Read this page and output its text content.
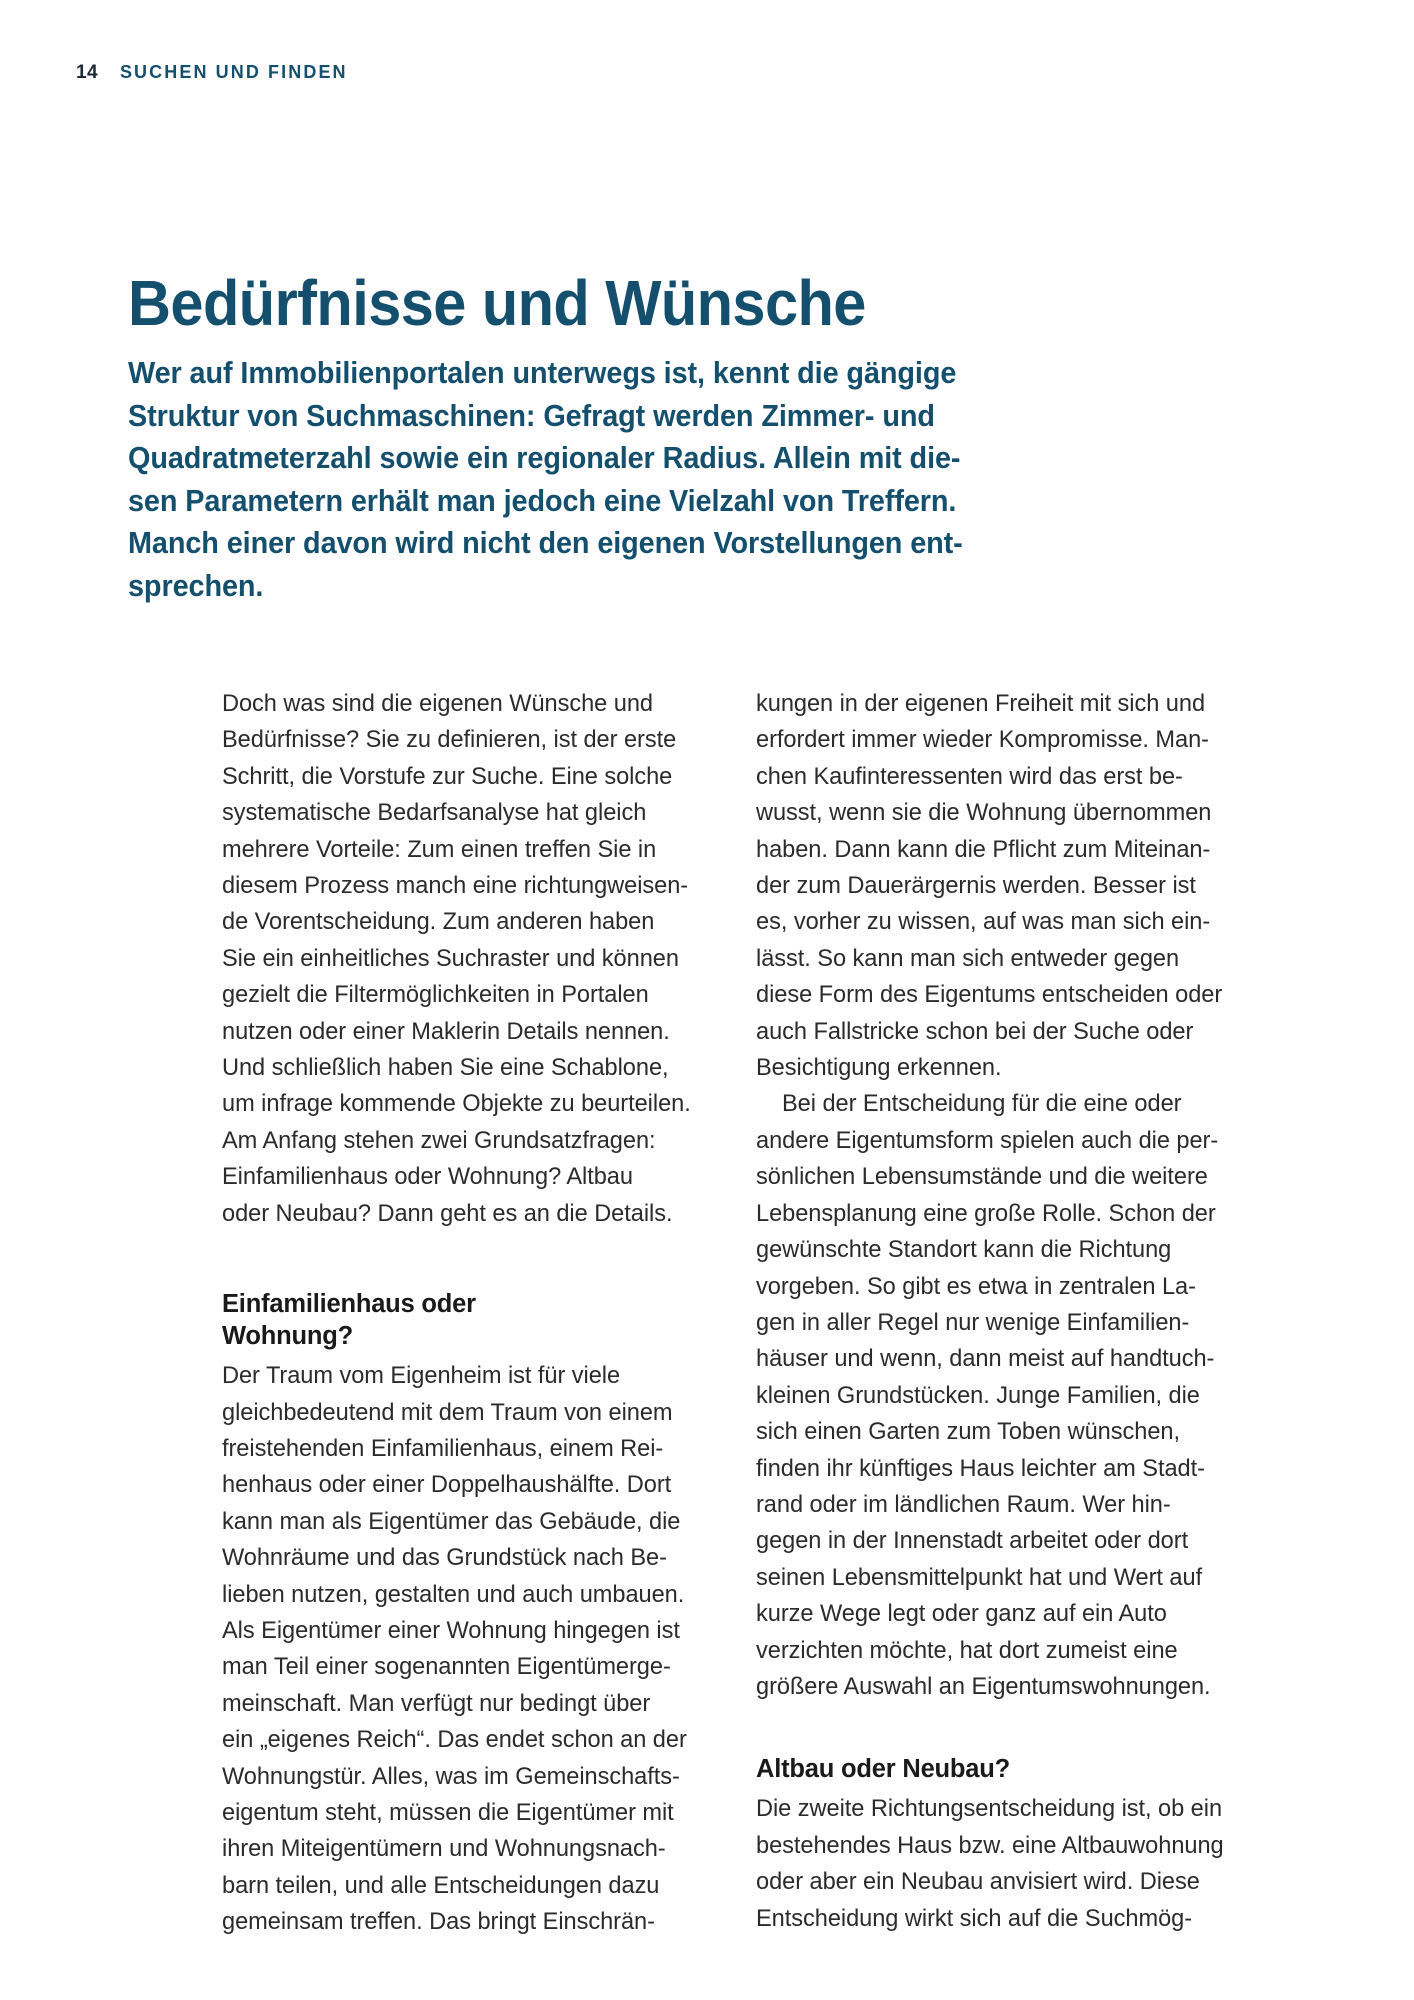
14 SUCHEN UND FINDEN
Bedürfnisse und Wünsche
Wer auf Immobilienportalen unterwegs ist, kennt die gängige
Struktur von Suchmaschinen: Gefragt werden Zimmer- und
Quadratmeterzahl sowie ein regionaler Radius. Allein mit die-
sen Parametern erhält man jedoch eine Vielzahl von Treffern.
Manch einer davon wird nicht den eigenen Vorstellungen ent-
sprechen.

Doch was sind die eigenen Wünsche und
Bedürfnisse? Sie zu definieren, ist der erste
Schritt, die Vorstufe zur Suche. Eine solche
systematische Bedarfsanalyse hat gleich
mehrere Vorteile: Zum einen treffen Sie in
diesem Prozess manch eine richtungweisen-
de Vorentscheidung. Zum anderen haben
Sie ein einheitliches Suchraster und können
gezielt die Filtermöglichkeiten in Portalen
nutzen oder einer Maklerin Details nennen.
Und schließlich haben Sie eine Schablone,
um infrage kommende Objekte zu beurteilen.
Am Anfang stehen zwei Grundsatzfragen:
Einfamilienhaus oder Wohnung? Altbau
oder Neubau? Dann geht es an die Details.

Einfamilienhaus oder
Wohnung?

Der Traum vom Eigenheim ist für viele
gleichbedeutend mit dem Traum von einem
freistehenden Einfamilienhaus, einem Rei-
henhaus oder einer Doppelhaushälfte. Dort
kann man als Eigentümer das Gebäude, die
Wohnräume und das Grundstück nach Be-
lieben nutzen, gestalten und auch umbauen.
Als Eigentümer einer Wohnung hingegen ist
man Teil einer sogenannten Eigentümerge-
meinschaft. Man verfügt nur bedingt über
ein „eigenes Reich“. Das endet schon an der
Wohnungstür. Alles, was im Gemeinschafts-
eigentum steht, müssen die Eigentümer mit
ihren Miteigentümern und Wohnungsnach-
barn teilen, und alle Entscheidungen dazu
gemeinsam treffen. Das bringt Einschrän-

kungen in der eigenen Freiheit mit sich und
erfordert immer wieder Kompromisse. Man-
chen Kaufinteressenten wird das erst be-
wusst, wenn sie die Wohnung übernommen
haben. Dann kann die Pflicht zum Miteinan-
der zum Dauerärgernis werden. Besser ist
es, vorher zu wissen, auf was man sich ein-
lässt. So kann man sich entweder gegen
diese Form des Eigentums entscheiden oder
auch Fallstricke schon bei der Suche oder
Besichtigung erkennen.

Bei der Entscheidung für die eine oder
andere Eigentumsform spielen auch die per-
sönlichen Lebensumstände und die weitere
Lebensplanung eine große Rolle. Schon der
gewünschte Standort kann die Richtung
vorgeben. So gibt es etwa in zentralen La-
gen in aller Regel nur wenige Einfamilien-
häuser und wenn, dann meist auf handtuch-
kleinen Grundstücken. Junge Familien, die
sich einen Garten zum Toben wünschen,
finden ihr künftiges Haus leichter am Stadt-
rand oder im ländlichen Raum. Wer hin-
gegen in der Innenstadt arbeitet oder dort
seinen Lebensmittelpunkt hat und Wert auf
kurze Wege legt oder ganz auf ein Auto
verzichten möchte, hat dort zumeist eine
größere Auswahl an Eigentumswohnungen.

Altbau oder Neubau?

Die zweite Richtungsentscheidung ist, ob ein
bestehendes Haus bzw. eine Altbauwohnung
oder aber ein Neubau anvisiert wird. Diese
Entscheidung wirkt sich auf die Suchmög-
